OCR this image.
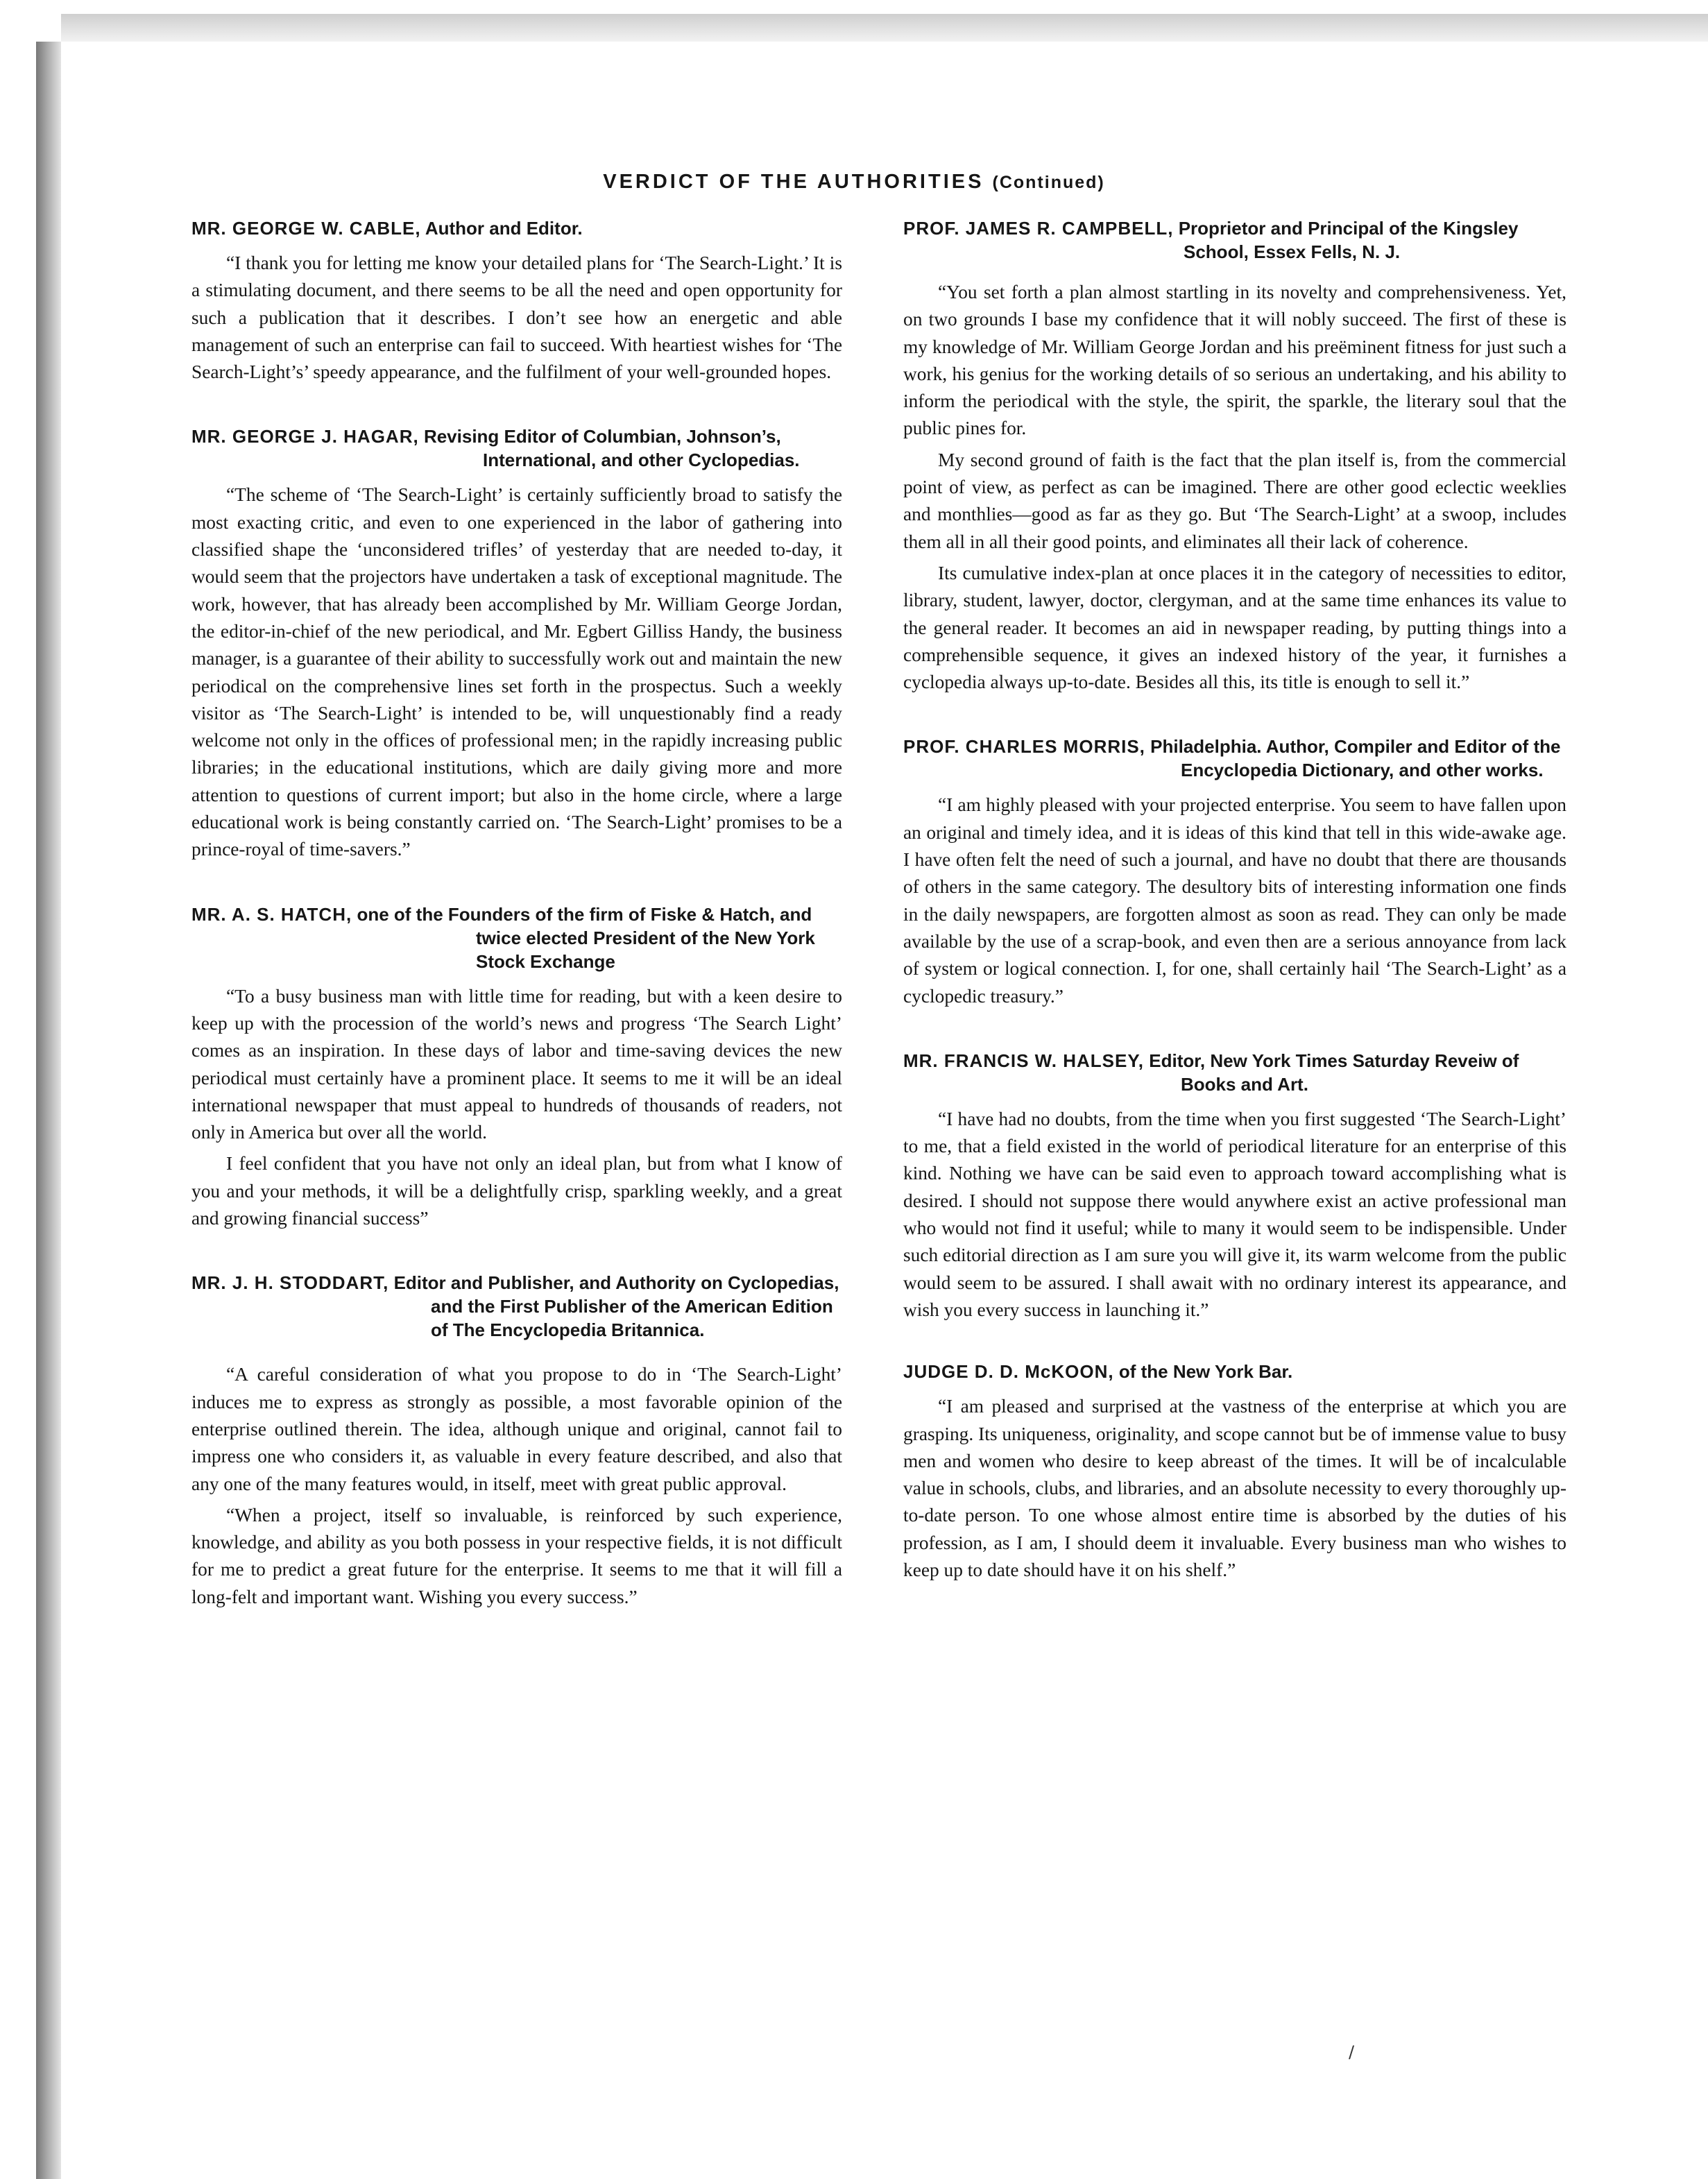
VERDICT OF THE AUTHORITIES (Continued)

MR. GEORGE W. CABLE, Author and Editor.

“I thank you for letting me know your detailed plans for ‘The Search-Light.’ It is a stimulating document, and there seems to be all the need and open opportunity for such a publication that it describes. I don’t see how an energetic and able management of such an enterprise can fail to succeed. With heartiest wishes for ‘The Search-Light’s’ speedy appearance, and the fulfilment of your well-grounded hopes.

MR. GEORGE J. HAGAR, Revising Editor of Columbian, Johnson’s, International, and other Cyclopedias.

“The scheme of ‘The Search-Light’ is certainly sufficiently broad to satisfy the most exacting critic, and even to one experienced in the labor of gathering into classified shape the ‘unconsidered trifles’ of yesterday that are needed to-day, it would seem that the projectors have undertaken a task of exceptional magnitude. The work, however, that has already been accomplished by Mr. William George Jordan, the editor-in-chief of the new periodical, and Mr. Egbert Gilliss Handy, the business manager, is a guarantee of their ability to successfully work out and maintain the new periodical on the comprehensive lines set forth in the prospectus. Such a weekly visitor as ‘The Search-Light’ is intended to be, will unquestionably find a ready welcome not only in the offices of professional men; in the rapidly increasing public libraries; in the educational institutions, which are daily giving more and more attention to questions of current import; but also in the home circle, where a large educational work is being constantly carried on. ‘The Search-Light’ promises to be a prince-royal of time-savers.”

MR. A. S. HATCH, one of the Founders of the firm of Fiske & Hatch, and twice elected President of the New York Stock Exchange

“To a busy business man with little time for reading, but with a keen desire to keep up with the procession of the world’s news and progress ‘The Search Light’ comes as an inspiration. In these days of labor and time-saving devices the new periodical must certainly have a prominent place. It seems to me it will be an ideal international newspaper that must appeal to hundreds of thousands of readers, not only in America but over all the world.

I feel confident that you have not only an ideal plan, but from what I know of you and your methods, it will be a delightfully crisp, sparkling weekly, and a great and growing financial success”

MR. J. H. STODDART, Editor and Publisher, and Authority on Cyclopedias, and the First Publisher of the American Edition of The Encyclopedia Britannica.

“A careful consideration of what you propose to do in ‘The Search-Light’ induces me to express as strongly as possible, a most favorable opinion of the enterprise outlined therein. The idea, although unique and original, cannot fail to impress one who considers it, as valuable in every feature described, and also that any one of the many features would, in itself, meet with great public approval.

“When a project, itself so invaluable, is reinforced by such experience, knowledge, and ability as you both possess in your respective fields, it is not difficult for me to predict a great future for the enterprise. It seems to me that it will fill a long-felt and important want. Wishing you every success.”

PROF. JAMES R. CAMPBELL, Proprietor and Principal of the Kingsley School, Essex Fells, N. J.

“You set forth a plan almost startling in its novelty and comprehensiveness. Yet, on two grounds I base my confidence that it will nobly succeed. The first of these is my knowledge of Mr. William George Jordan and his preëminent fitness for just such a work, his genius for the working details of so serious an undertaking, and his ability to inform the periodical with the style, the spirit, the sparkle, the literary soul that the public pines for.

My second ground of faith is the fact that the plan itself is, from the commercial point of view, as perfect as can be imagined. There are other good eclectic weeklies and monthlies—good as far as they go. But ‘The Search-Light’ at a swoop, includes them all in all their good points, and eliminates all their lack of coherence.

Its cumulative index-plan at once places it in the category of necessities to editor, library, student, lawyer, doctor, clergyman, and at the same time enhances its value to the general reader. It becomes an aid in newspaper reading, by putting things into a comprehensible sequence, it gives an indexed history of the year, it furnishes a cyclopedia always up-to-date. Besides all this, its title is enough to sell it.”

PROF. CHARLES MORRIS, Philadelphia. Author, Compiler and Editor of the Encyclopedia Dictionary, and other works.

“I am highly pleased with your projected enterprise. You seem to have fallen upon an original and timely idea, and it is ideas of this kind that tell in this wide-awake age. I have often felt the need of such a journal, and have no doubt that there are thousands of others in the same category. The desultory bits of interesting information one finds in the daily newspapers, are forgotten almost as soon as read. They can only be made available by the use of a scrap-book, and even then are a serious annoyance from lack of system or logical connection. I, for one, shall certainly hail ‘The Search-Light’ as a cyclopedic treasury.”

MR. FRANCIS W. HALSEY, Editor, New York Times Saturday Reveiw of Books and Art.

“I have had no doubts, from the time when you first suggested ‘The Search-Light’ to me, that a field existed in the world of periodical literature for an enterprise of this kind. Nothing we have can be said even to approach toward accomplishing what is desired. I should not suppose there would anywhere exist an active professional man who would not find it useful; while to many it would seem to be indispensible. Under such editorial direction as I am sure you will give it, its warm welcome from the public would seem to be assured. I shall await with no ordinary interest its appearance, and wish you every success in launching it.”

JUDGE D. D. McKOON, of the New York Bar.

“I am pleased and surprised at the vastness of the enterprise at which you are grasping. Its uniqueness, originality, and scope cannot but be of immense value to busy men and women who desire to keep abreast of the times. It will be of incalculable value in schools, clubs, and libraries, and an absolute necessity to every thoroughly up-to-date person. To one whose almost entire time is absorbed by the duties of his profession, as I am, I should deem it invaluable. Every business man who wishes to keep up to date should have it on his shelf.”

/
